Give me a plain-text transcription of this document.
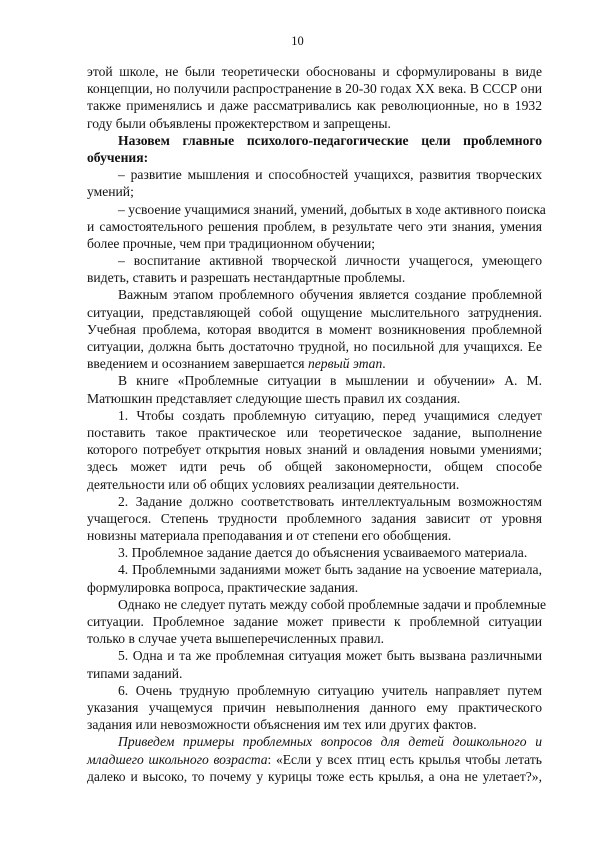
10
этой школе, не были теоретически обоснованы и сформулированы в виде
концепции, но получили распространение в 20-30 годах XX века. В СССР они
также применялись и даже рассматривались как революционные, но в 1932
году были объявлены прожектерством и запрещены.
Назовем главные психолого-педагогические цели проблемного
обучения:
– развитие мышления и способностей учащихся, развития творческих
умений;
– усвоение учащимися знаний, умений, добытых в ходе активного поиска
и самостоятельного решения проблем, в результате чего эти знания, умения
более прочные, чем при традиционном обучении;
– воспитание активной творческой личности учащегося, умеющего
видеть, ставить и разрешать нестандартные проблемы.
Важным этапом проблемного обучения является создание проблемной
ситуации, представляющей собой ощущение мыслительного затруднения.
Учебная проблема, которая вводится в момент возникновения проблемной
ситуации, должна быть достаточно трудной, но посильной для учащихся. Ее
введением и осознанием завершается первый этап.
В книге «Проблемные ситуации в мышлении и обучении» А. М.
Матюшкин представляет следующие шесть правил их создания.
1. Чтобы создать проблемную ситуацию, перед учащимися следует
поставить такое практическое или теоретическое задание, выполнение
которого потребует открытия новых знаний и овладения новыми умениями;
здесь может идти речь об общей закономерности, общем способе
деятельности или об общих условиях реализации деятельности.
2. Задание должно соответствовать интеллектуальным возможностям
учащегося. Степень трудности проблемного задания зависит от уровня
новизны материала преподавания и от степени его обобщения.
3. Проблемное задание дается до объяснения усваиваемого материала.
4. Проблемными заданиями может быть задание на усвоение материала,
формулировка вопроса, практические задания.
Однако не следует путать между собой проблемные задачи и проблемные
ситуации. Проблемное задание может привести к проблемной ситуации
только в случае учета вышеперечисленных правил.
5. Одна и та же проблемная ситуация может быть вызвана различными
типами заданий.
6. Очень трудную проблемную ситуацию учитель направляет путем
указания учащемуся причин невыполнения данного ему практического
задания или невозможности объяснения им тех или других фактов.
Приведем примеры проблемных вопросов для детей дошкольного и
младшего школьного возраста: «Если у всех птиц есть крылья чтобы летать
далеко и высоко, то почему у курицы тоже есть крылья, а она не улетает?»,
